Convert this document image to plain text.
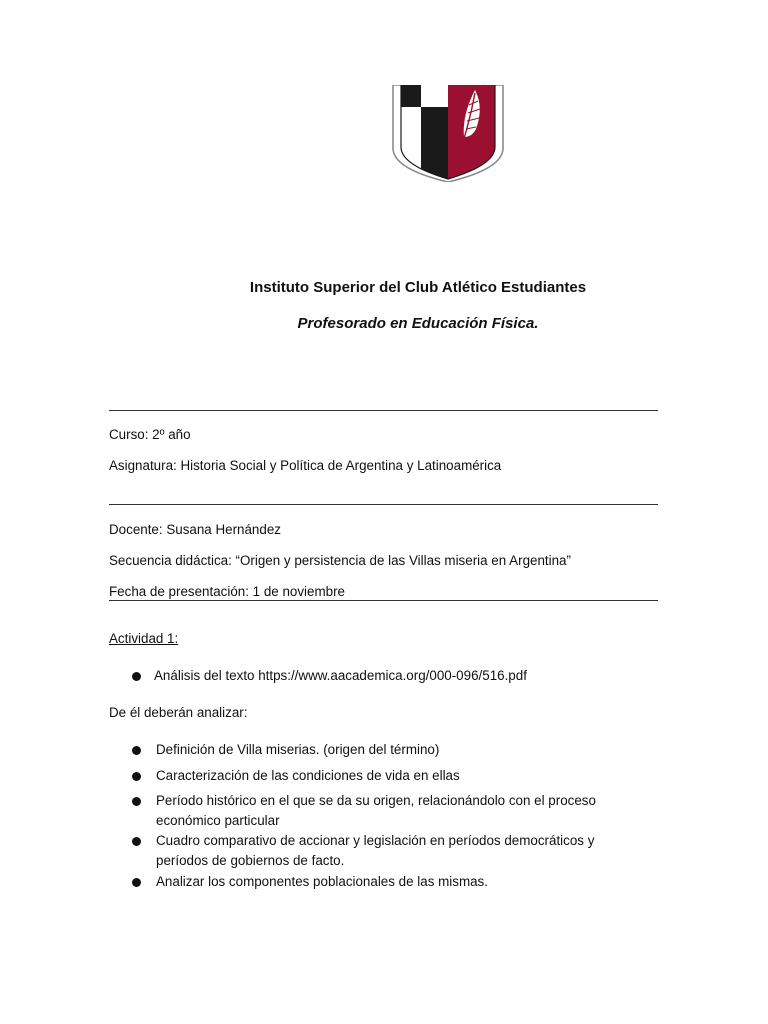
Instituto Superior del Club Atlético Estudiantes
Profesorado en Educación Física.
Curso: 2º año
Asignatura: Historia Social y Política de Argentina y Latinoamérica
Docente: Susana Hernández
Secuencia didáctica: “Origen y persistencia de las Villas miseria en Argentina”
Fecha de presentación: 1 de noviembre
Actividad 1:
Análisis del texto https://www.aacademica.org/000-096/516.pdf
De él deberán analizar:
Definición de Villa miserias. (origen del término)
Caracterización de las condiciones de vida en ellas
Período histórico en el que se da su origen, relacionándolo con el proceso económico particular
Cuadro comparativo de accionar y legislación en períodos democráticos y períodos de gobiernos de facto.
Analizar los componentes poblacionales de las mismas.
